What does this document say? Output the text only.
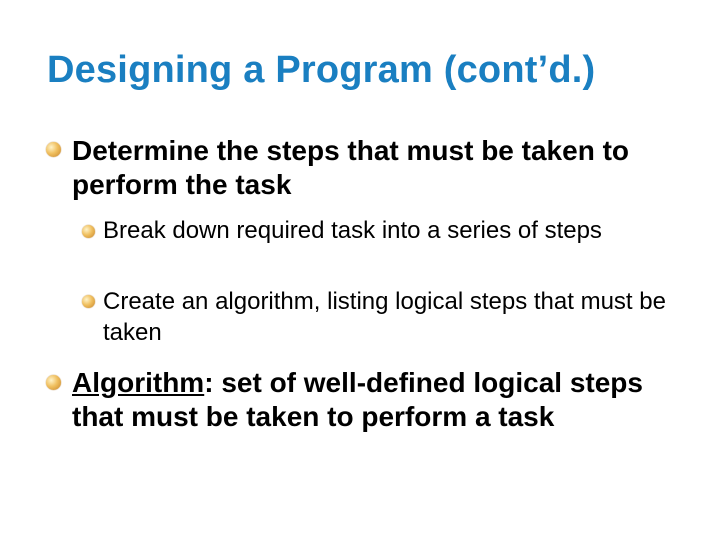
Designing a Program (cont’d.)
Determine the steps that must be taken to perform the task
Break down required task into a series of steps
Create an algorithm, listing logical steps that must be taken
Algorithm: set of well-defined logical steps that must be taken to perform a task
